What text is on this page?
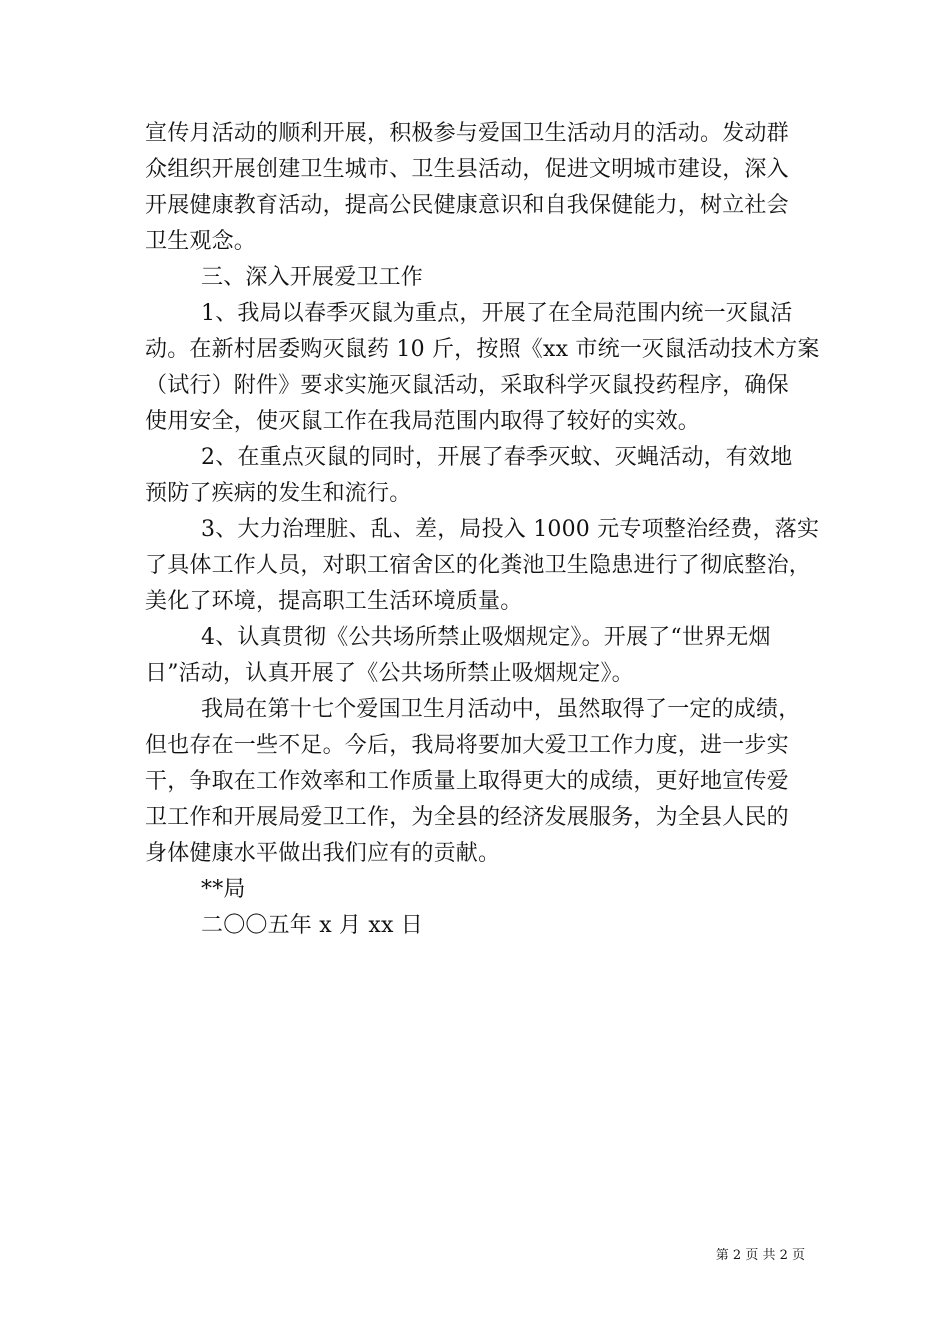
宣传月活动的顺利开展，积极参与爱国卫生活动月的活动。发动群
众组织开展创建卫生城市、卫生县活动，促进文明城市建设，深入
开展健康教育活动，提高公民健康意识和自我保健能力，树立社会
卫生观念。
三、深入开展爱卫工作
1、我局以春季灭鼠为重点，开展了在全局范围内统一灭鼠活
动。在新村居委购灭鼠药 10 斤，按照《xx 市统一灭鼠活动技术方案
（试行）附件》要求实施灭鼠活动，采取科学灭鼠投药程序，确保
使用安全，使灭鼠工作在我局范围内取得了较好的实效。
2、在重点灭鼠的同时，开展了春季灭蚊、灭蝇活动，有效地
预防了疾病的发生和流行。
3、大力治理脏、乱、差，局投入 1000 元专项整治经费，落实
了具体工作人员，对职工宿舍区的化粪池卫生隐患进行了彻底整治，
美化了环境，提高职工生活环境质量。
4、认真贯彻《公共场所禁止吸烟规定》。开展了“世界无烟
日”活动，认真开展了《公共场所禁止吸烟规定》。
我局在第十七个爱国卫生月活动中，虽然取得了一定的成绩，
但也存在一些不足。今后，我局将要加大爱卫工作力度，进一步实
干，争取在工作效率和工作质量上取得更大的成绩，更好地宣传爱
卫工作和开展局爱卫工作，为全县的经济发展服务，为全县人民的
身体健康水平做出我们应有的贡献。
**局
二〇〇五年 x 月 xx 日
第 2 页 共 2 页
